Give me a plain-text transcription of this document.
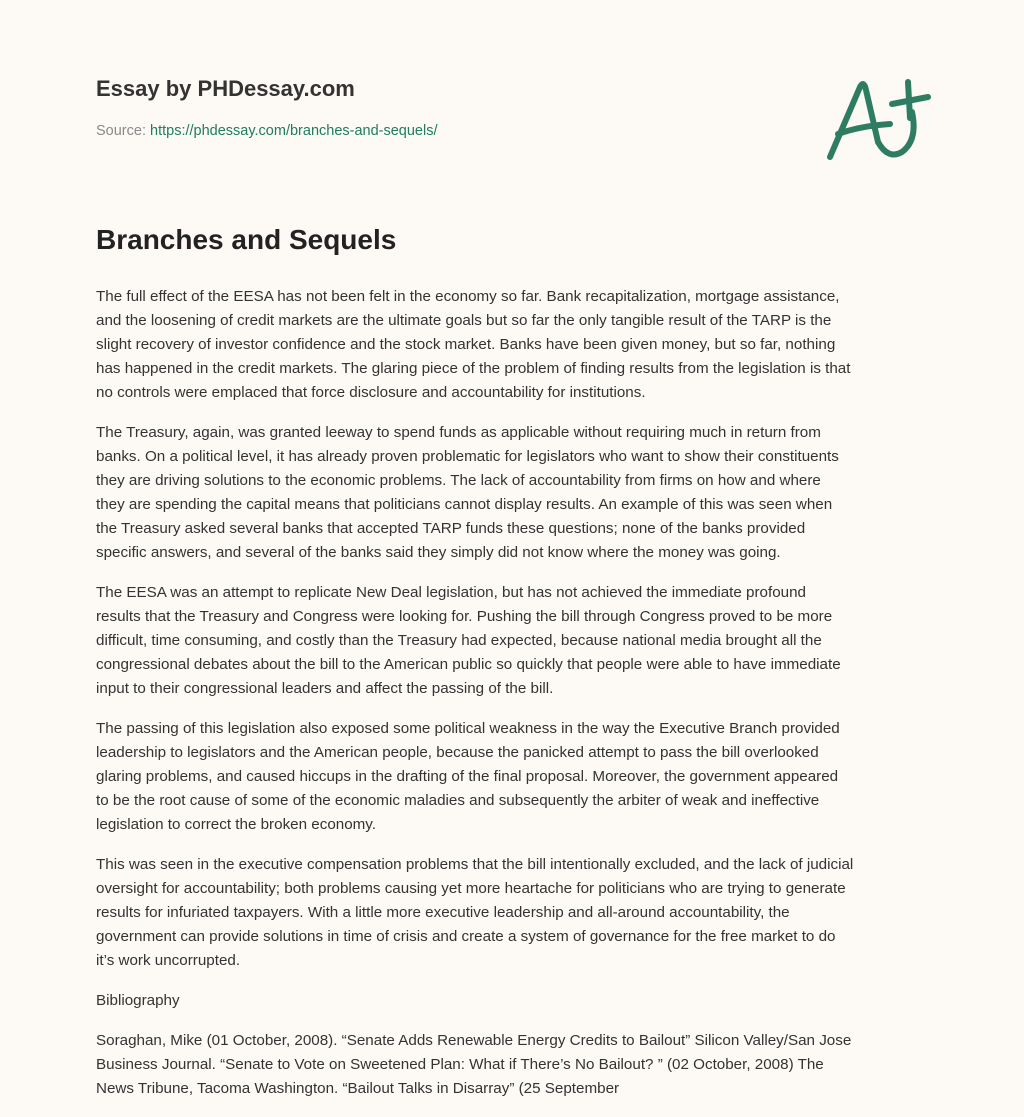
Essay by PHDessay.com
Source: https://phdessay.com/branches-and-sequels/
Branches and Sequels

The full effect of the EESA has not been felt in the economy so far. Bank recapitalization, mortgage assistance,
and the loosening of credit markets are the ultimate goals but so far the only tangible result of the TARP is the
slight recovery of investor confidence and the stock market. Banks have been given money, but so far, nothing
has happened in the credit markets. The glaring piece of the problem of finding results from the legislation is that
no controls were emplaced that force disclosure and accountability for institutions.

The Treasury, again, was granted leeway to spend funds as applicable without requiring much in return from
banks. On a political level, it has already proven problematic for legislators who want to show their constituents
they are driving solutions to the economic problems. The lack of accountability from firms on how and where
they are spending the capital means that politicians cannot display results. An example of this was seen when
the Treasury asked several banks that accepted TARP funds these questions; none of the banks provided
specific answers, and several of the banks said they simply did not know where the money was going.

The EESA was an attempt to replicate New Deal legislation, but has not achieved the immediate profound
results that the Treasury and Congress were looking for. Pushing the bill through Congress proved to be more
difficult, time consuming, and costly than the Treasury had expected, because national media brought all the
congressional debates about the bill to the American public so quickly that people were able to have immediate
input to their congressional leaders and affect the passing of the bill.

The passing of this legislation also exposed some political weakness in the way the Executive Branch provided
leadership to legislators and the American people, because the panicked attempt to pass the bill overlooked
glaring problems, and caused hiccups in the drafting of the final proposal. Moreover, the government appeared
to be the root cause of some of the economic maladies and subsequently the arbiter of weak and ineffective
legislation to correct the broken economy.

This was seen in the executive compensation problems that the bill intentionally excluded, and the lack of judicial
oversight for accountability; both problems causing yet more heartache for politicians who are trying to generate
results for infuriated taxpayers. With a little more executive leadership and all-around accountability, the
government can provide solutions in time of crisis and create a system of governance for the free market to do
it’s work uncorrupted.

Bibliography

Soraghan, Mike (01 October, 2008). “Senate Adds Renewable Energy Credits to Bailout” Silicon Valley/San Jose
Business Journal. “Senate to Vote on Sweetened Plan: What if There’s No Bailout? ” (02 October, 2008) The
News Tribune, Tacoma Washington. “Bailout Talks in Disarray” (25 September
